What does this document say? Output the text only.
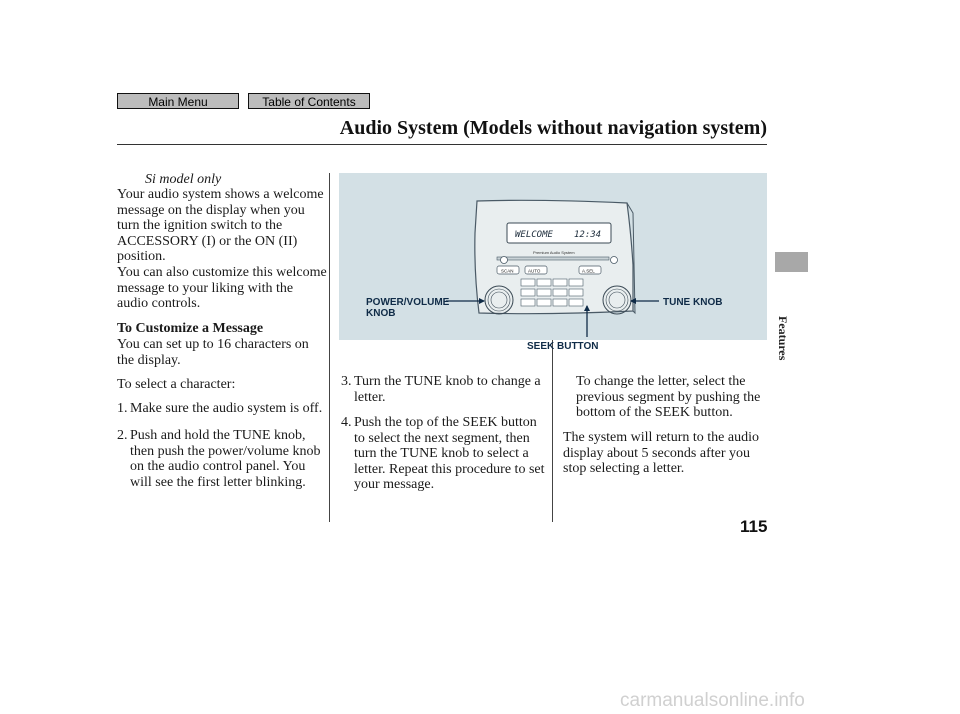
Main Menu	Table of Contents
Audio System (Models without navigation system)
Si model only
Your audio system shows a welcome message on the display when you turn the ignition switch to the ACCESSORY (I) or the ON (II) position.
You can also customize this welcome message to your liking with the audio controls.
To Customize a Message
You can set up to 16 characters on the display.
To select a character:
1. Make sure the audio system is off.
2. Push and hold the TUNE knob, then push the power/volume knob on the audio control panel. You will see the first letter blinking.
3. Turn the TUNE knob to change a letter.
4. Push the top of the SEEK button to select the next segment, then turn the TUNE knob to select a letter. Repeat this procedure to set your message.
To change the letter, select the previous segment by pushing the bottom of the SEEK button.
The system will return to the audio display about 5 seconds after you stop selecting a letter.
WELCOME 12:34
Premium Audio System
SCAN	AUTO	A.SEL
POWER/VOLUME
KNOB
TUNE KNOB
SEEK BUTTON	Features
115
carmanualsonline.info
